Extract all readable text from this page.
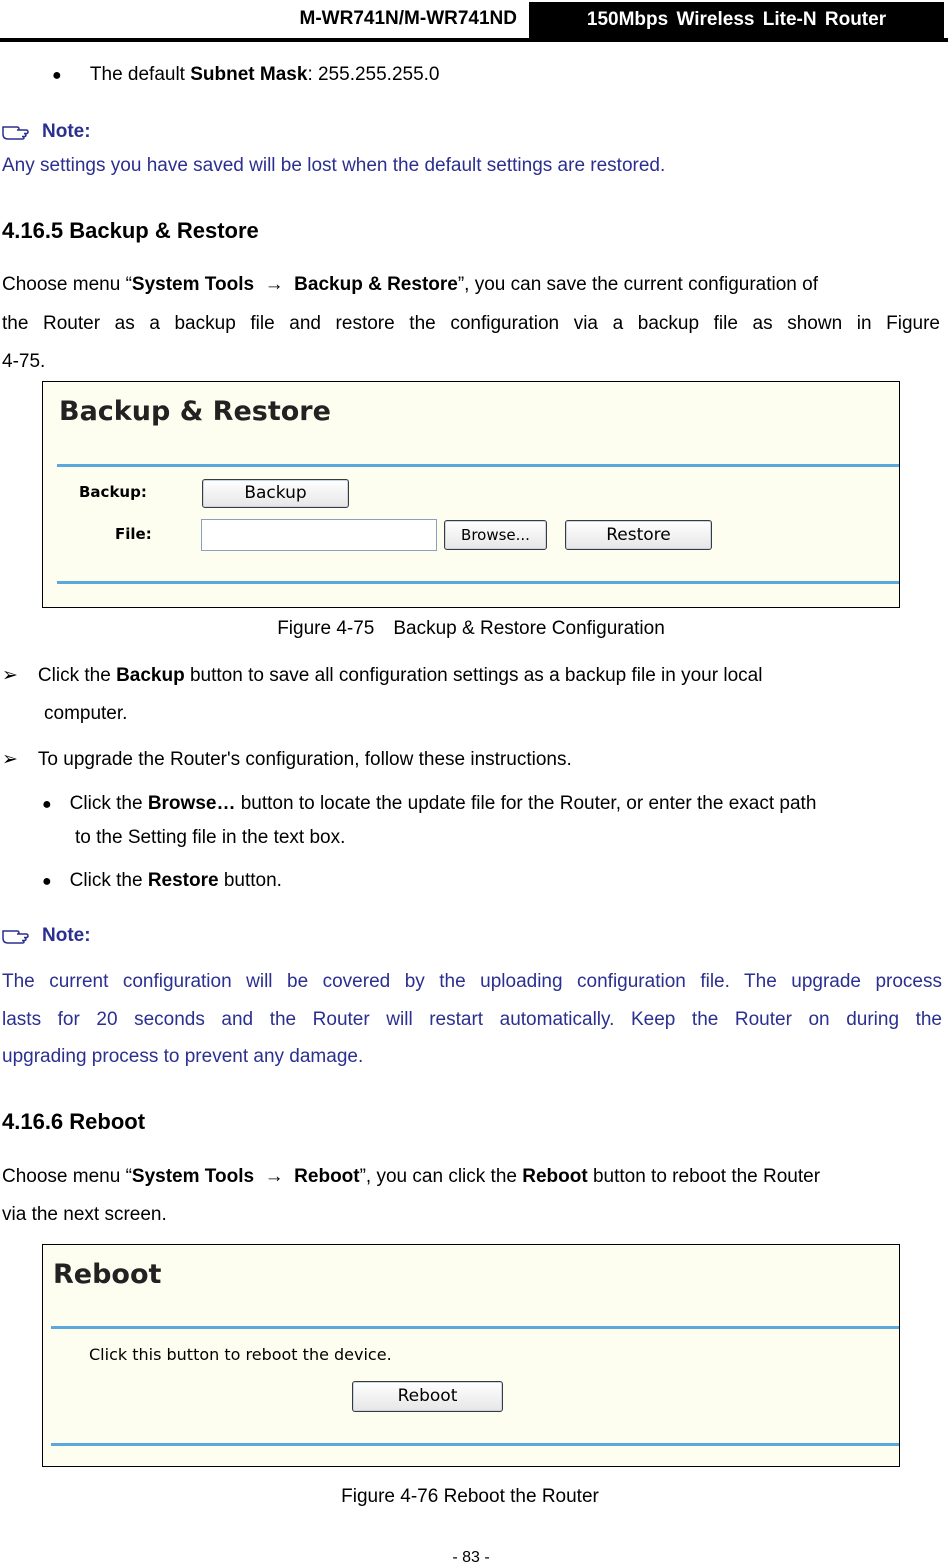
M-WR741N/M-WR741ND	150Mbps Wireless Lite-N Router
● The default Subnet Mask: 255.255.255.0
Note:
Any settings you have saved will be lost when the default settings are restored.
4.16.5 Backup & Restore
Choose menu “System Tools → Backup & Restore”, you can save the current configuration of
the Router as a backup file and restore the configuration via a backup file as shown in Figure
4-75.
Backup & Restore
Backup:	Backup
File:	Browse...	Restore
Figure 4-75　Backup & Restore Configuration
➢ Click the Backup button to save all configuration settings as a backup file in your local
computer.
➢ To upgrade the Router's configuration, follow these instructions.
● Click the Browse… button to locate the update file for the Router, or enter the exact path
to the Setting file in the text box.
● Click the Restore button.
Note:
The current configuration will be covered by the uploading configuration file. The upgrade process
lasts for 20 seconds and the Router will restart automatically. Keep the Router on during the
upgrading process to prevent any damage.
4.16.6 Reboot
Choose menu “System Tools → Reboot”, you can click the Reboot button to reboot the Router
via the next screen.
Reboot
Click this button to reboot the device.
Reboot
Figure 4-76 Reboot the Router
- 83 -
